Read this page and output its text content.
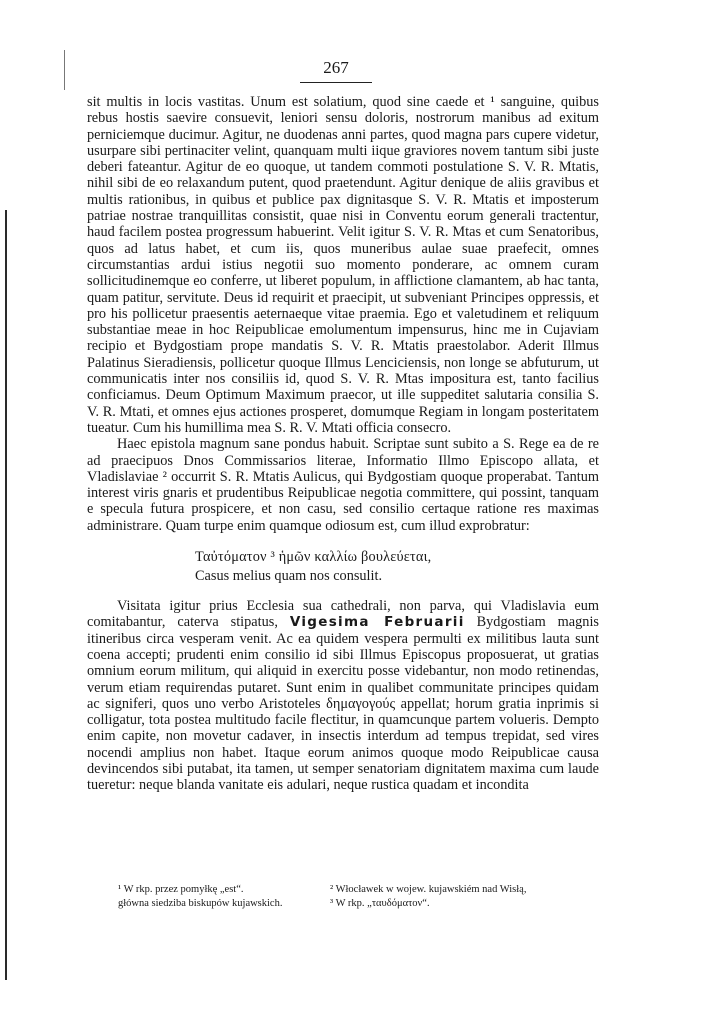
267

sit multis in locis vastitas. Unum est solatium, quod sine caede et ¹ sanguine, quibus rebus hostis saevire consuevit, leniori sensu doloris, nostrorum manibus ad exitum perniciemque ducimur. Agitur, ne duodenas anni partes, quod magna pars cupere videtur, usurpare sibi pertinaciter velint, quanquam multi iique graviores novem tantum sibi juste deberi fateantur. Agitur de eo quoque, ut tandem commoti postulatione S. V. R. Mtatis, nihil sibi de eo relaxandum putent, quod praetendunt. Agitur denique de aliis gravibus et multis rationibus, in quibus et publice pax dignitasque S. V. R. Mtatis et imposterum patriae nostrae tranquillitas consistit, quae nisi in Conventu eorum generali tractentur, haud facilem postea progressum habuerint. Velit igitur S. V. R. Mtas et cum Senatoribus, quos ad latus habet, et cum iis, quos muneribus aulae suae praefecit, omnes circumstantias ardui istius negotii suo momento ponderare, ac omnem curam sollicitudinemque eo conferre, ut liberet populum, in afflictione clamantem, ab hac tanta, quam patitur, servitute. Deus id requirit et praecipit, ut subveniant Principes oppressis, et pro his pollicetur praesentis aeternaeque vitae praemia. Ego et valetudinem et reliquum substantiae meae in hoc Reipublicae emolumentum impensurus, hinc me in Cujaviam recipio et Bydgostiam prope mandatis S. V. R. Mtatis praestolabor. Aderit Illmus Palatinus Sieradiensis, pollicetur quoque Illmus Lenciciensis, non longe se abfuturum, ut communicatis inter nos consiliis id, quod S. V. R. Mtas impositura est, tanto facilius conficiamus. Deum Optimum Maximum praecor, ut ille suppeditet salutaria consilia S. V. R. Mtati, et omnes ejus actiones prosperet, domumque Regiam in longam posteritatem tueatur. Cum his humillima mea S. R. V. Mtati officia consecro.

Haec epistola magnum sane pondus habuit. Scriptae sunt subito a S. Rege ea de re ad praecipuos Dnos Commissarios literae, Informatio Illmo Episcopo allata, et Vladislaviae ² occurrit S. R. Mtatis Aulicus, qui Bydgostiam quoque properabat. Tantum interest viris gnaris et prudentibus Reipublicae negotia committere, qui possint, tanquam e specula futura prospicere, et non casu, sed consilio certaque ratione res maximas administrare. Quam turpe enim quamque odiosum est, cum illud exprobratur:

Ταὐτόματον ³ ἡμῶν καλλίω βουλεύεται,
Casus melius quam nos consulit.

Visitata igitur prius Ecclesia sua cathedrali, non parva, qui Vladislavia eum comitabantur, caterva stipatus, Vigesima Februarii Bydgostiam magnis itineribus circa vesperam venit. Ac ea quidem vespera permulti ex militibus lauta sunt coena accepti; prudenti enim consilio id sibi Illmus Episcopus proposuerat, ut gratias omnium eorum militum, qui aliquid in exercitu posse videbantur, non modo retinendas, verum etiam requirendas putaret. Sunt enim in qualibet communitate principes quidam ac signiferi, quos uno verbo Aristoteles δημαγογούς appellat; horum gratia inprimis si colligatur, tota postea multitudo facile flectitur, in quamcunque partem volueris. Dempto enim capite, non movetur cadaver, in insectis interdum ad tempus trepidat, sed vires nocendi amplius non habet. Itaque eorum animos quoque modo Reipublicae causa devincendos sibi putabat, ita tamen, ut semper senatoriam dignitatem maxima cum laude tueretur: neque blanda vanitate eis adulari, neque rustica quadam et incondita

¹ W rkp. przez pomyłkę „est“.
główna siedziba biskupów kujawskich.
² Włocławek w wojew. kujawskiém nad Wisłą,
³ W rkp. „ταυδόματον“.
